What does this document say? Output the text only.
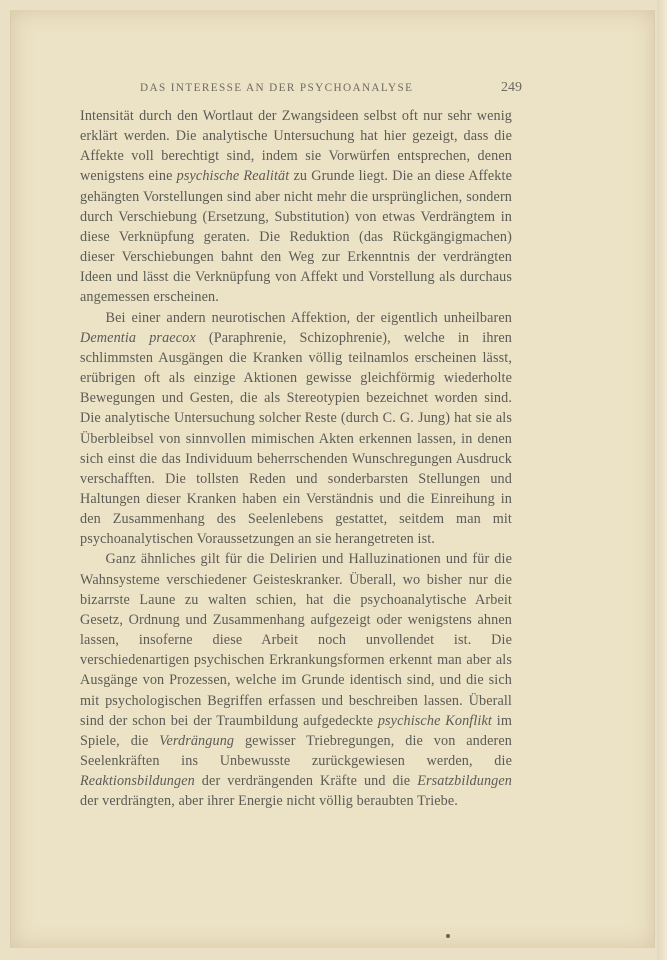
DAS INTERESSE AN DER PSYCHOANALYSE	249

Intensität durch den Wortlaut der Zwangsideen selbst oft nur sehr wenig erklärt werden. Die analytische Untersuchung hat hier gezeigt, dass die Affekte voll berechtigt sind, indem sie Vorwürfen entsprechen, denen wenigstens eine psychische Realität zu Grunde liegt. Die an diese Affekte gehängten Vorstellungen sind aber nicht mehr die ursprünglichen, sondern durch Verschiebung (Ersetzung, Substitution) von etwas Verdrängtem in diese Verknüpfung geraten. Die Reduktion (das Rückgängigmachen) dieser Verschiebungen bahnt den Weg zur Erkenntnis der verdrängten Ideen und lässt die Verknüpfung von Affekt und Vorstellung als durchaus angemessen erscheinen.

Bei einer andern neurotischen Affektion, der eigentlich unheilbaren Dementia praecox (Paraphrenie, Schizophrenie), welche in ihren schlimmsten Ausgängen die Kranken völlig teilnamlos erscheinen lässt, erübrigen oft als einzige Aktionen gewisse gleichförmig wiederholte Bewegungen und Gesten, die als Stereotypien bezeichnet worden sind. Die analytische Untersuchung solcher Reste (durch C. G. Jung) hat sie als Überbleibsel von sinnvollen mimischen Akten erkennen lassen, in denen sich einst die das Individuum beherrschenden Wunschregungen Ausdruck verschafften. Die tollsten Reden und sonderbarsten Stellungen und Haltungen dieser Kranken haben ein Verständnis und die Einreihung in den Zusammenhang des Seelenlebens gestattet, seitdem man mit psychoanalytischen Voraussetzungen an sie herangetreten ist.

Ganz ähnliches gilt für die Delirien und Halluzinationen und für die Wahnsysteme verschiedener Geisteskranker. Überall, wo bisher nur die bizarrste Laune zu walten schien, hat die psychoanalytische Arbeit Gesetz, Ordnung und Zusammenhang aufgezeigt oder wenigstens ahnen lassen, insoferne diese Arbeit noch unvollendet ist. Die verschiedenartigen psychischen Erkrankungsformen erkennt man aber als Ausgänge von Prozessen, welche im Grunde identisch sind, und die sich mit psychologischen Begriffen erfassen und beschreiben lassen. Überall sind der schon bei der Traumbildung aufgedeckte psychische Konflikt im Spiele, die Verdrängung gewisser Triebregungen, die von anderen Seelenkräften ins Unbewusste zurückgewiesen werden, die Reaktionsbildungen der verdrängenden Kräfte und die Ersatzbildungen der verdrängten, aber ihrer Energie nicht völlig beraubten Triebe.
